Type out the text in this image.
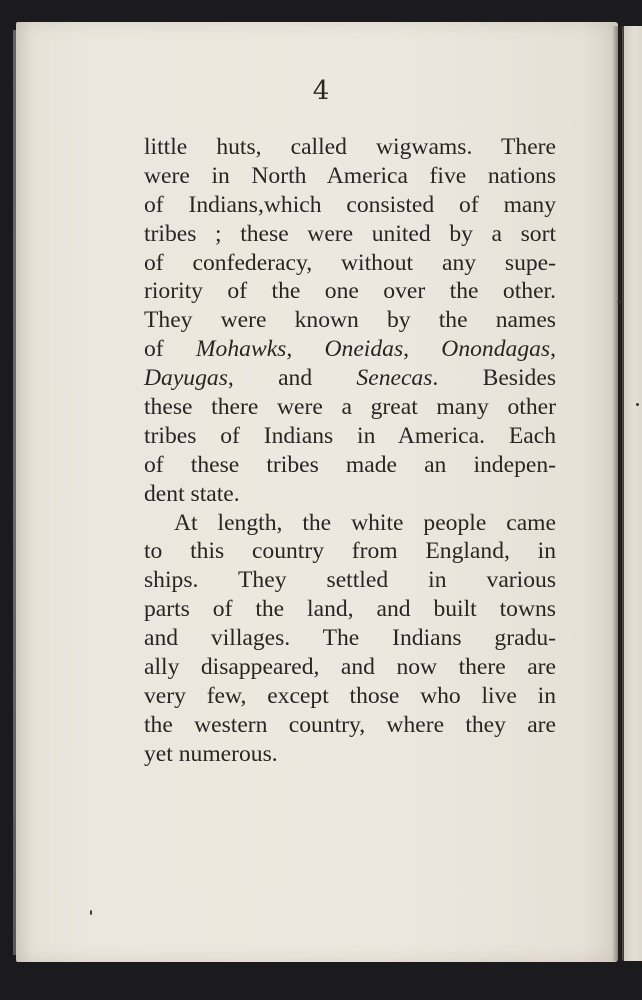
4
little huts, called wigwams. There
were in North America five nations
of Indians,which consisted of many
tribes ; these were united by a sort
of confederacy, without any supe-
riority of the one over the other.
They were known by the names
of Mohawks, Oneidas, Onondagas,
Dayugas, and Senecas. Besides
these there were a great many other
tribes of Indians in America. Each
of these tribes made an indepen-
dent state.
At length, the white people came
to this country from England, in
ships. They settled in various
parts of the land, and built towns
and villages. The Indians gradu-
ally disappeared, and now there are
very few, except those who live in
the western country, where they are
yet numerous.
